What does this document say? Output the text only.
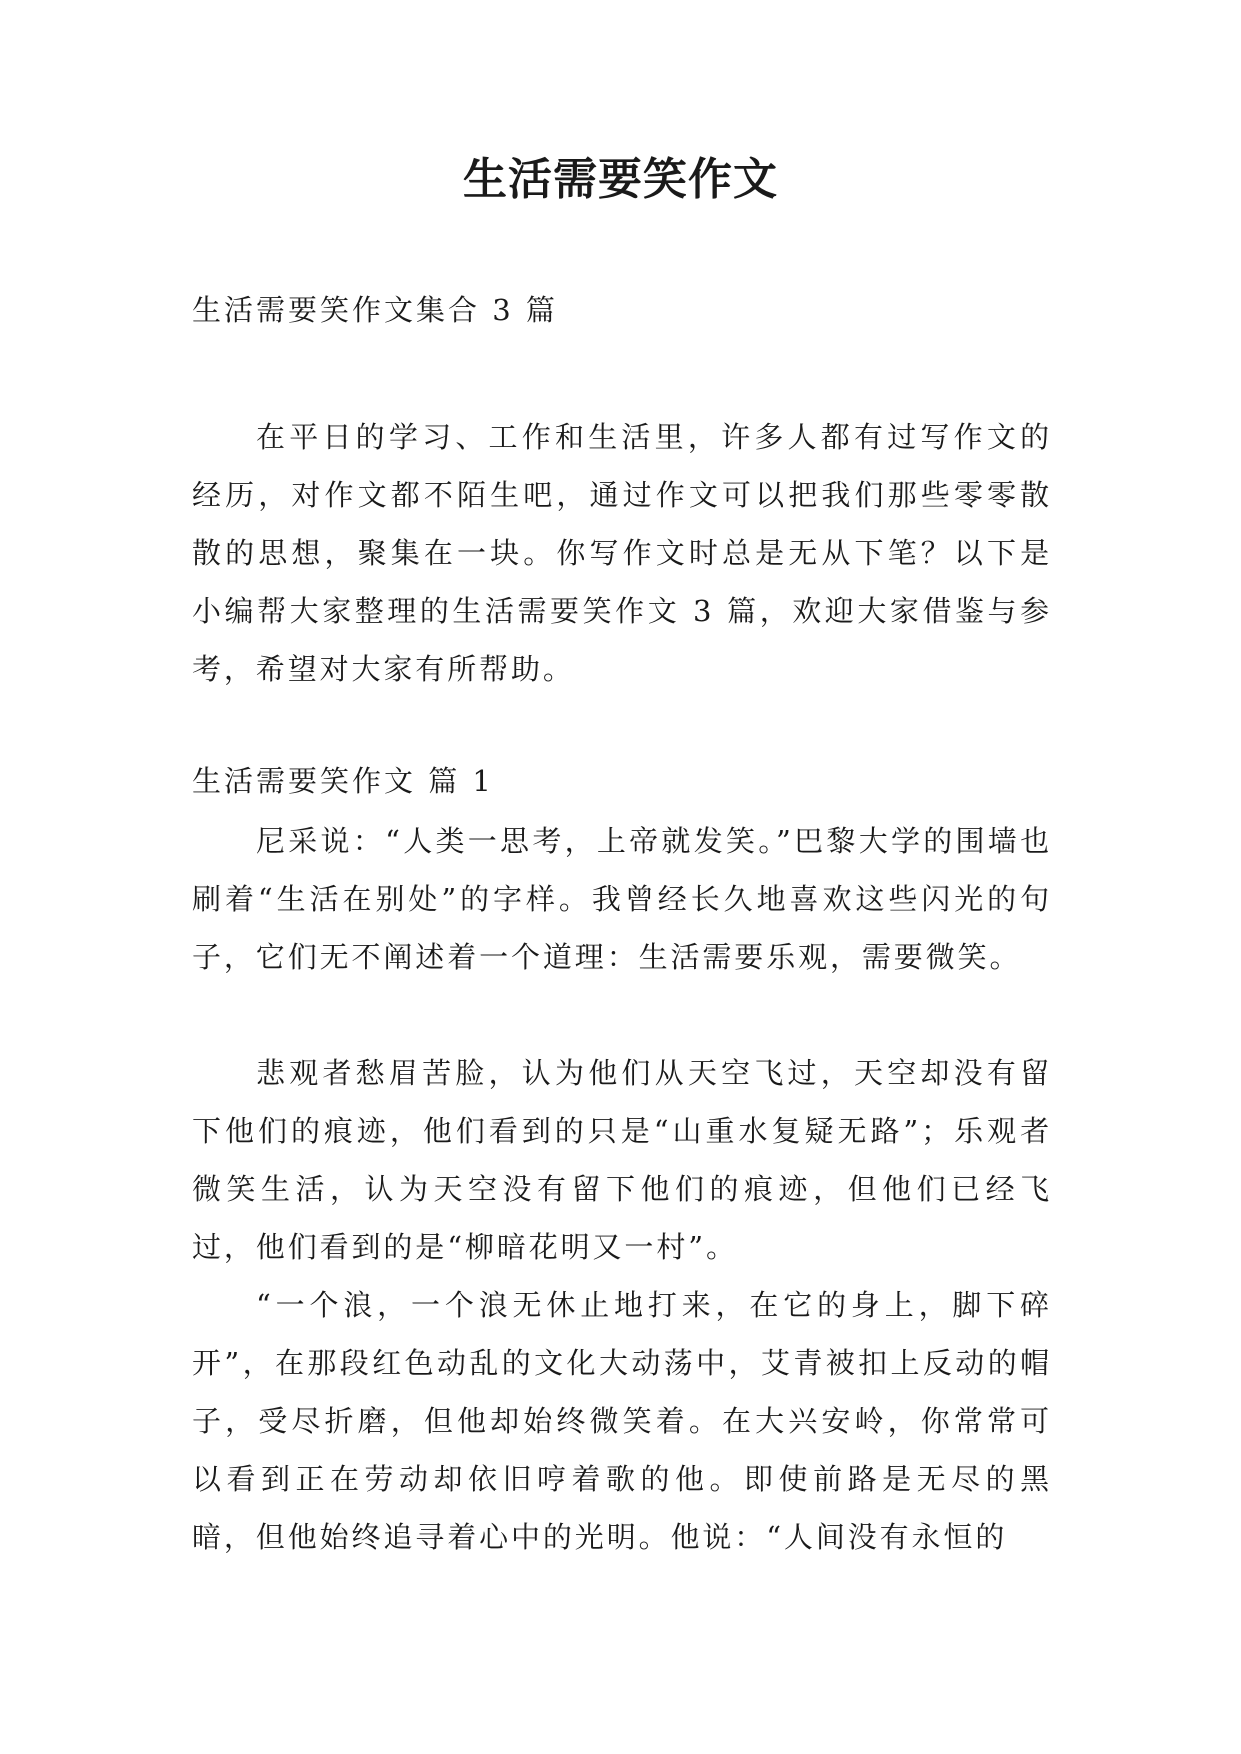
生活需要笑作文
生活需要笑作文集合 3 篇

在平日的学习、工作和生活里，许多人都有过写作文的经历，对作文都不陌生吧，通过作文可以把我们那些零零散散的思想，聚集在一块。你写作文时总是无从下笔？以下是小编帮大家整理的生活需要笑作文 3 篇，欢迎大家借鉴与参考，希望对大家有所帮助。

生活需要笑作文 篇 1

尼采说：“人类一思考，上帝就发笑。”巴黎大学的围墙也刷着“生活在别处”的字样。我曾经长久地喜欢这些闪光的句子，它们无不阐述着一个道理：生活需要乐观，需要微笑。

悲观者愁眉苦脸，认为他们从天空飞过，天空却没有留下他们的痕迹，他们看到的只是“山重水复疑无路”；乐观者微笑生活，认为天空没有留下他们的痕迹，但他们已经飞过，他们看到的是“柳暗花明又一村”。

“一个浪，一个浪无休止地打来，在它的身上，脚下碎开”，在那段红色动乱的文化大动荡中，艾青被扣上反动的帽子，受尽折磨，但他却始终微笑着。在大兴安岭，你常常可以看到正在劳动却依旧哼着歌的他。即使前路是无尽的黑暗，但他始终追寻着心中的光明。他说：“人间没有永恒的
